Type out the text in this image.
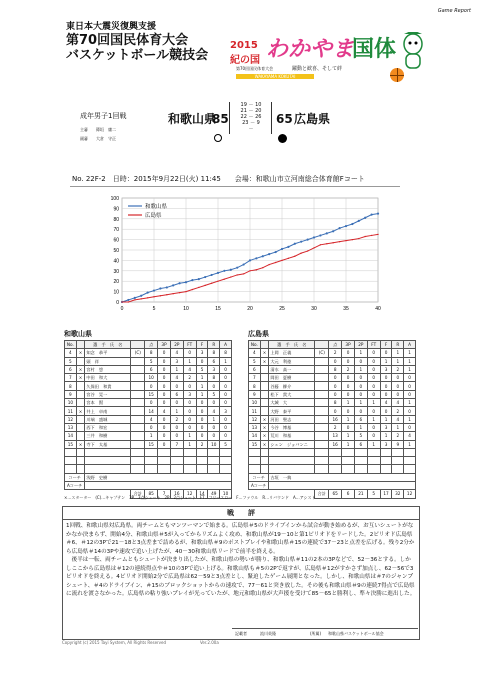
Game Report
東日本大震災復興支援
第70回国民体育大会
バスケットボール競技会
2015
紀の国 わかやま
国体
第70回国民体育大会	躍動と歓喜、そして絆
WAKAYAMA KOKUTAI
成年男子1回戦
主審 篠垣　庸二
副審 大倉　守正
和歌山県
85
19 － 10
21 － 20
22 － 26
23 － 9
－
65 広島県
No. 22F-2　日時：2015年9月22日(火) 11:45　　会場：和歌山市立河南総合体育館Fコート
0
10
20
30
40
50
60
70
80
90
100
0	5	10	15	20	25	30	35	40
和歌山県
広島県
和歌山県
No.		選　手　氏　名		点	3P	2P	FT	F	R	A
4	×	知念　恭平	(C)	8	0	4	0	3	8	8
5		頭　祥		5	0	3	1	0	6	1
6	×	宮村　悠		6	0	1	4	5	3	0
7	×	中田　和大		10	0	4	2	1	8	0
8		久保田　和貴		0	0	0	0	1	0	0
9		宮谷　晃一		15	0	6	3	1	5	0
10		宮本　賢		0	0	0	0	0	0	0
11	×	井上　卓南		14	4	1	0	0	4	3
12		川端　盛城		4	0	2	0	0	1	0
13		西下　和宏		0	0	0	0	0	0	0
14		三井　和樹		1	0	0	1	0	0	0
15	×	寺下　太基		15	0	7	1	2	10	5

コーチ		浅野　史樹								
Aコーチ										
			合計	85	7	16	12	14	49	10
広島県
No.		選　手　氏　名		点	3P	2P	FT	F	R	A
4	×	上岡　正義	(C)	2	0	1	0	0	1	1
5	×	大元　利徳		0	0	0	0	1	1	1
6		清水　高一		8	2	1	0	3	2	1
7		岡田　夏樹		0	0	0	0	0	0	0
8		谷藤　柳介		0	0	0	0	0	0	0
9		松下　貴大		0	0	0	0	0	0	0
10		大城　大		8	1	1	1	4	4	1
11		大野　泰平		0	0	0	0	0	2	0
12	×	河田　聖志		16	1	6	1	1	4	1
13	×	今谷　博基		2	0	1	0	3	1	0
14	×	荒川　和基		13	1	5	0	1	2	4
15	×	シェン　ジョバンニ		16	1	6	1	3	9	1

コーチ		古垣　一典								
Aコーチ										
			合計	65	6	21	5	17	32	12
×…スターター　(C)…キャプテン　3P…3点シュート　2P…2点シュート　FT…フリースロー　F…ファウル　R…リバウンド　A…アシスト
戦　　評
1回戦、和歌山県対広島県。両チームともマンツーマンで始まる。広島県＃5のドライブインから試合が動き始めるが、お互いシュートがなかなか決まらず、開始4分、和歌山県＃5が入ってからリズムよく攻め、和歌山県が19－10と第1ピリオドをリードした。2ピリオド広島県＃6、＃12の3Pで21－18と3点差まで詰めるが、和歌山県＃9のポストプレイや和歌山県＃15の連続で37－23と点差を広げる。残り2分から広島県＃14の3Pや速攻で追い上げたが、40－30和歌山県リードで前半を終える。
　後半は一転、両チームともシュートが決まり出したが、和歌山県の勢いが勝り、和歌山県＃11の2本の3Pなどで、52－36とする。しかしここから広島県は＃12の連続得点や＃10の3Pで追い上げる。和歌山県も＃5の2Pで返すが、広島県＃12がすかさず加点し、62－56で3ピリオドを終える。4ピリオド開始2分で広島県は62－59と3点差とし、緊迫したゲーム展開となった。しかし、和歌山県は＃7のジャンプシュート、＃4のドライブイン、＃15のブロックショットからの速攻で、77－61と突き放した。その後も和歌山県＃9の連続7得点で広島県に流れを渡さなかった。広島県の粘り強いプレイが光っていたが、地元和歌山県が大声援を受けて85－65と勝利し、準々決勝に進出した。
記載者	流川英隆	(所属) 和歌山県バスケットボール協会
Copyright (c) 2015 Tayi System, All Rights Reserved	Ver.2.00a
